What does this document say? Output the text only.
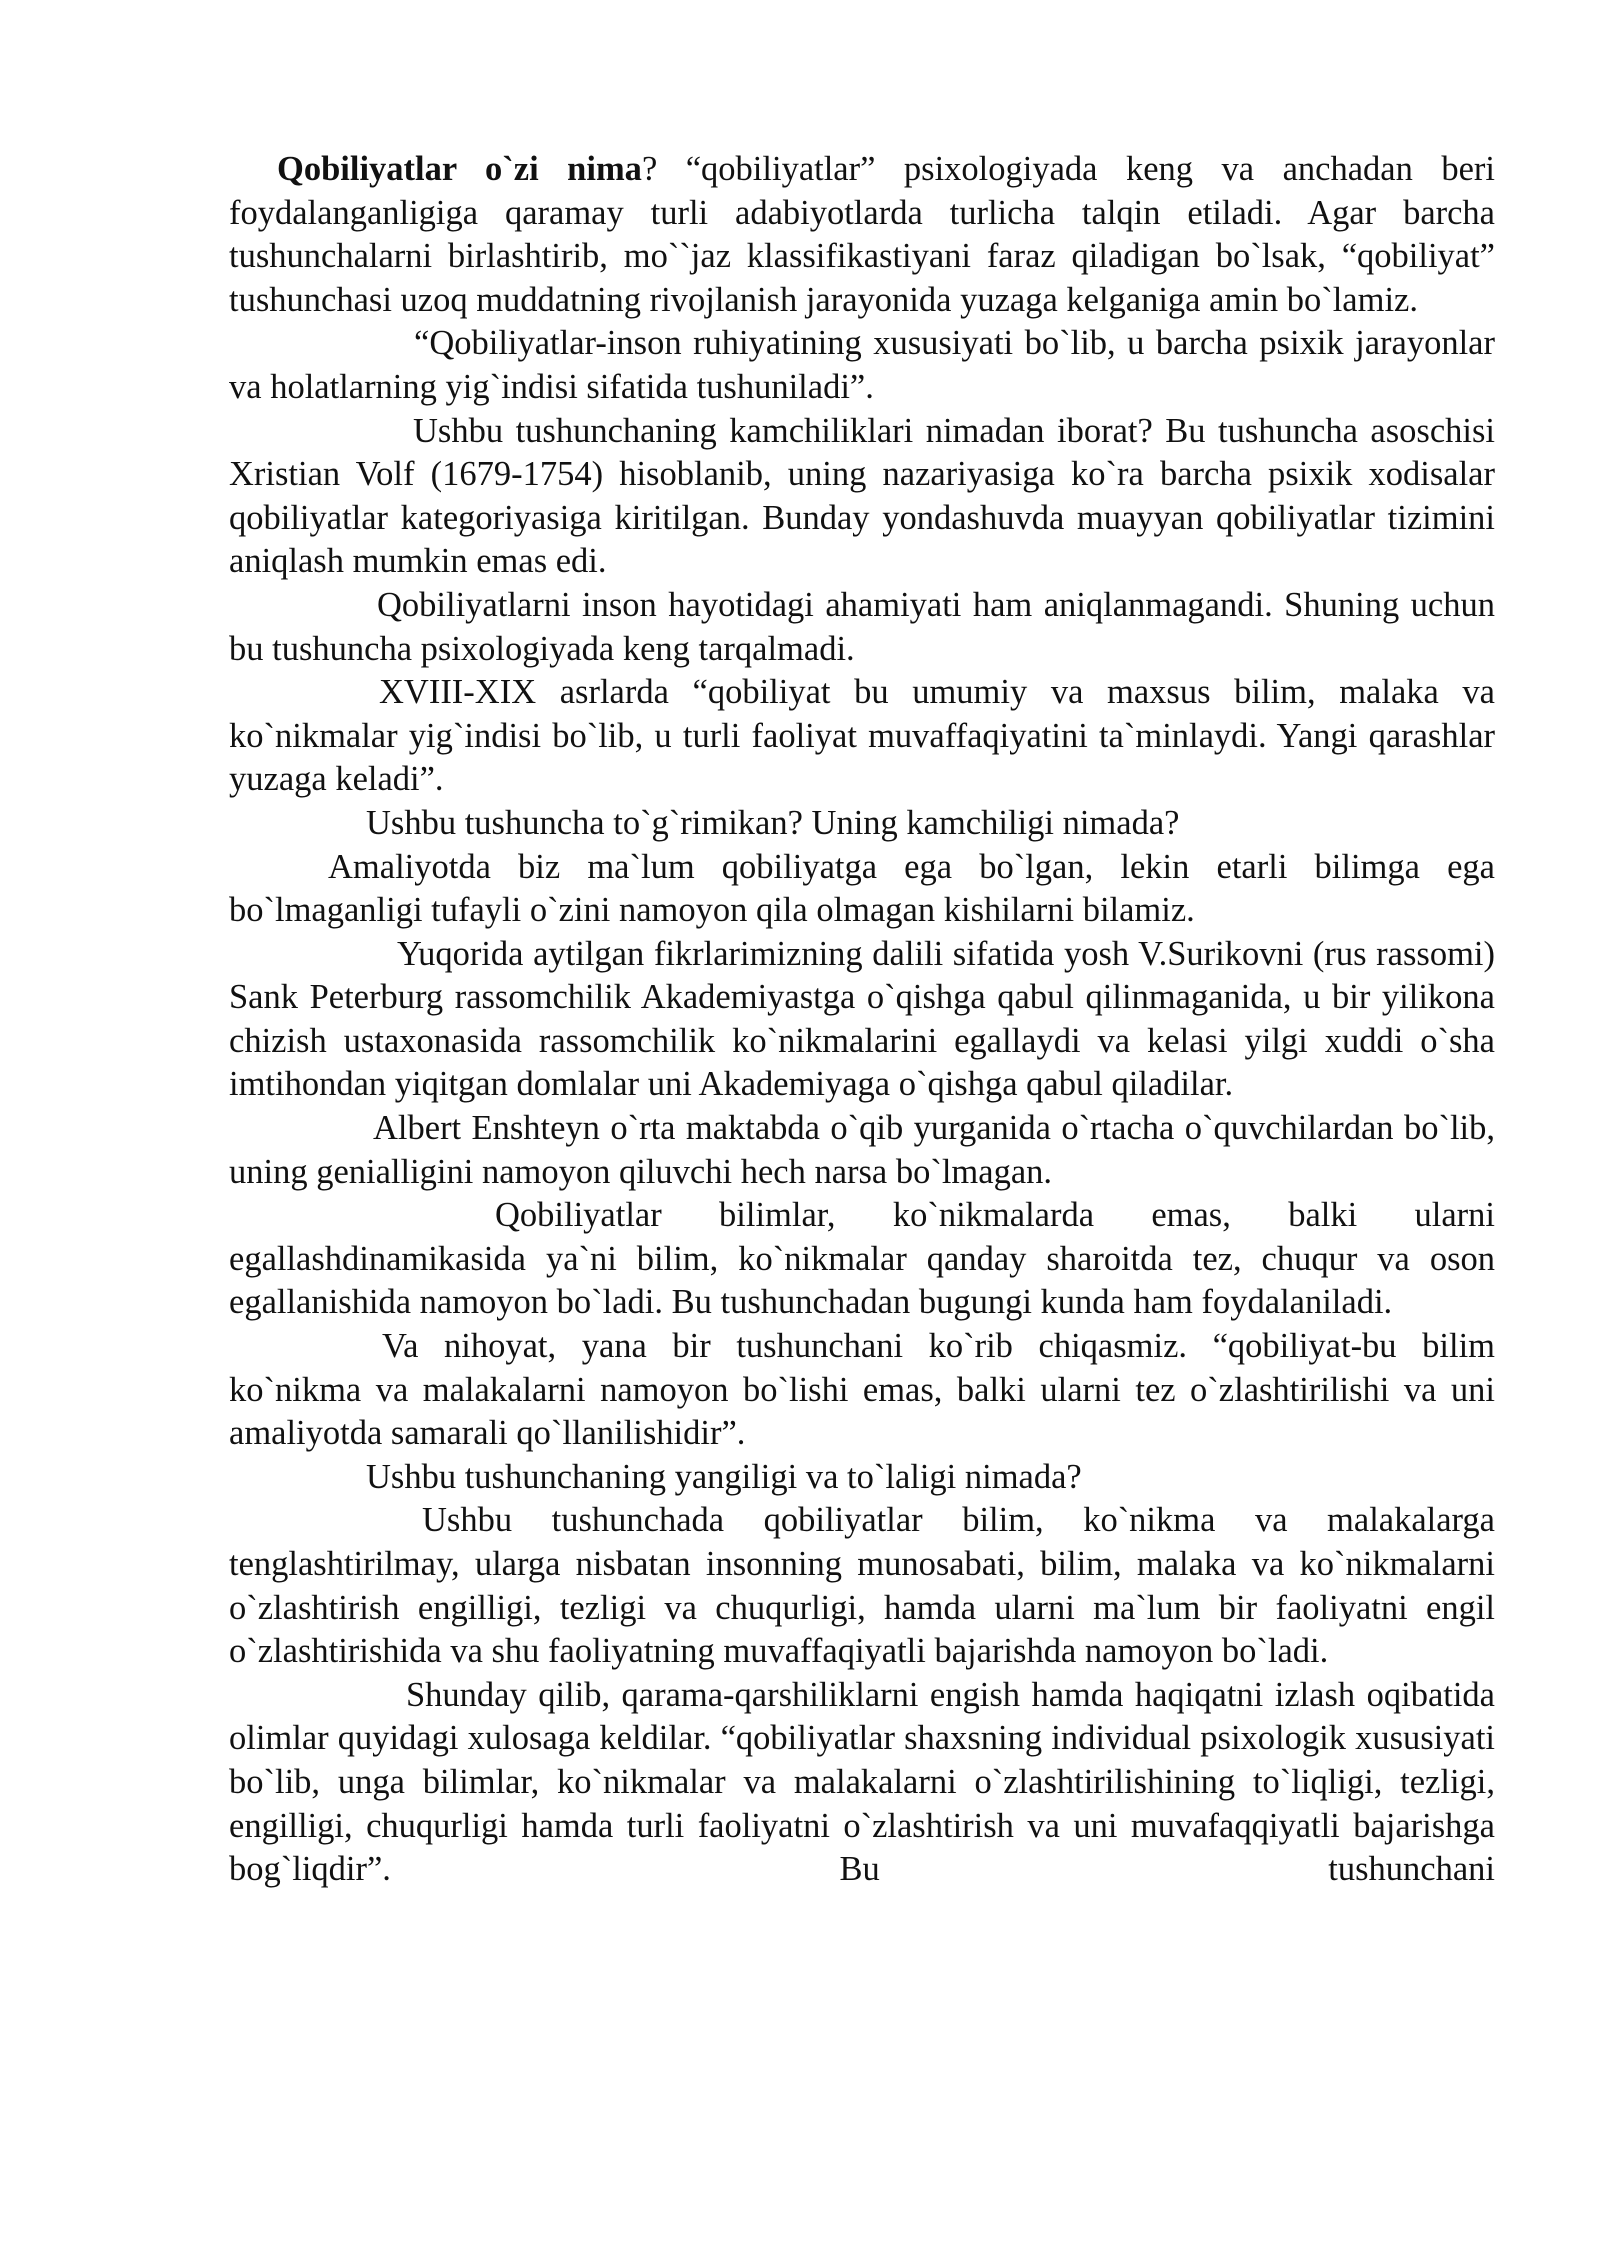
Qobiliyatlar o`zi nima? “qobiliyatlar” psixologiyada keng va anchadan beri foydalanganligiga qaramay turli adabiyotlarda turlicha talqin etiladi. Agar barcha tushunchalarni birlashtirib, mo``jaz klassifikastiyani faraz qiladigan bo`lsak, “qobiliyat” tushunchasi uzoq muddatning rivojlanish jarayonida yuzaga kelganiga amin bo`lamiz.

“Qobiliyatlar-inson ruhiyatining xususiyati bo`lib, u barcha psixik jarayonlar va holatlarning yig`indisi sifatida tushuniladi”.

Ushbu tushunchaning kamchiliklari nimadan iborat? Bu tushuncha asoschisi Xristian Volf (1679-1754) hisoblanib, uning nazariyasiga ko`ra barcha psixik xodisalar qobiliyatlar kategoriyasiga kiritilgan. Bunday yondashuvda muayyan qobiliyatlar tizimini aniqlash mumkin emas edi.

Qobiliyatlarni inson hayotidagi ahamiyati ham aniqlanmagandi. Shuning uchun bu tushuncha psixologiyada keng tarqalmadi.

XVIII-XIX asrlarda “qobiliyat bu umumiy va maxsus bilim, malaka va ko`nikmalar yig`indisi bo`lib, u turli faoliyat muvaffaqiyatini ta`minlaydi. Yangi qarashlar yuzaga keladi”.

Ushbu tushuncha to`g`rimikan? Uning kamchiligi nimada?

Amaliyotda biz ma`lum qobiliyatga ega bo`lgan, lekin etarli bilimga ega bo`lmaganligi tufayli o`zini namoyon qila olmagan kishilarni bilamiz.

Yuqorida aytilgan fikrlarimizning dalili sifatida yosh V.Surikovni (rus rassomi) Sank Peterburg rassomchilik Akademiyastga o`qishga qabul qilinmaganida, u bir yilikona chizish ustaxonasida rassomchilik ko`nikmalarini egallaydi va kelasi yilgi xuddi o`sha imtihondan yiqitgan domlalar uni Akademiyaga o`qishga qabul qiladilar.

Albert Enshteyn o`rta maktabda o`qib yurganida o`rtacha o`quvchilardan bo`lib, uning genialligini namoyon qiluvchi hech narsa bo`lmagan.

Qobiliyatlar bilimlar, ko`nikmalarda emas, balki ularni egallashdinamikasida ya`ni bilim, ko`nikmalar qanday sharoitda tez, chuqur va oson egallanishida namoyon bo`ladi. Bu tushunchadan bugungi kunda ham foydalaniladi.

Va nihoyat, yana bir tushunchani ko`rib chiqasmiz. “qobiliyat-bu bilim ko`nikma va malakalarni namoyon bo`lishi emas, balki ularni tez o`zlashtirilishi va uni amaliyotda samarali qo`llanilishidir”.

Ushbu tushunchaning yangiligi va to`laligi nimada?

Ushbu tushunchada qobiliyatlar bilim, ko`nikma va malakalarga tenglashtirilmay, ularga nisbatan insonning munosabati, bilim, malaka va ko`nikmalarni o`zlashtirish engilligi, tezligi va chuqurligi, hamda ularni ma`lum bir faoliyatni engil o`zlashtirishida va shu faoliyatning muvaffaqiyatli bajarishda namoyon bo`ladi.

Shunday qilib, qarama-qarshiliklarni engish hamda haqiqatni izlash oqibatida olimlar quyidagi xulosaga keldilar. “qobiliyatlar shaxsning individual psixologik xususiyati bo`lib, unga bilimlar, ko`nikmalar va malakalarni o`zlashtirilishining to`liqligi, tezligi, engilligi, chuqurligi hamda turli faoliyatni o`zlashtirish va uni muvafaqqiyatli bajarishga bog`liqdir”. Bu tushunchani
